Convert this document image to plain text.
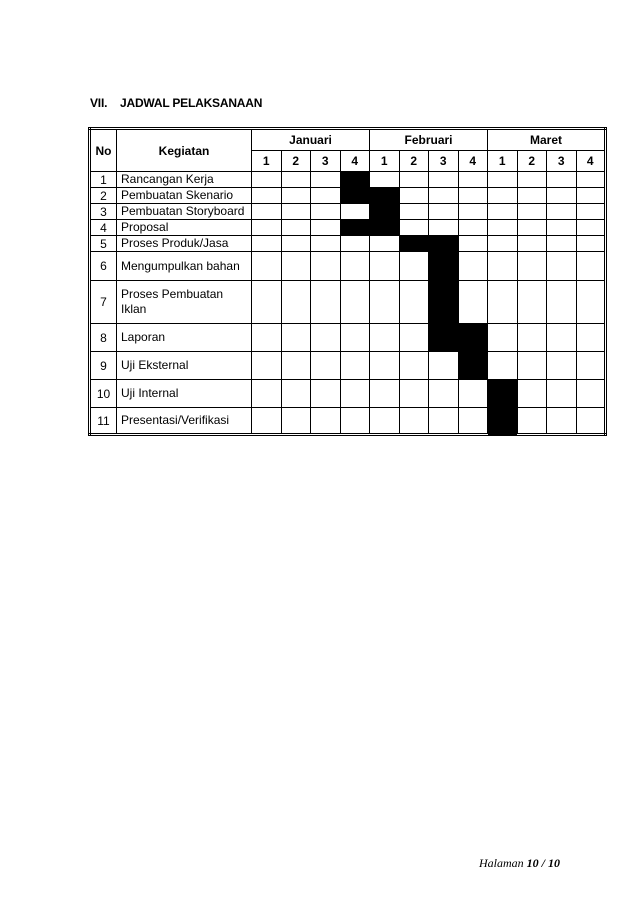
VII. JADWAL PELAKSANAAN
No	Kegiatan	Januari				Februari				Maret			
		1	2	3	4	1	2	3	4	1	2	3	4
1	Rancangan Kerja												
2	Pembuatan Skenario												
3	Pembuatan Storyboard												
4	Proposal												
5	Proses Produk/Jasa												
6	Mengumpulkan bahan												
7	Proses Pembuatan Iklan												
8	Laporan												
9	Uji Eksternal												
10	Uji Internal												
11	Presentasi/Verifikasi												
Halaman 10 / 10
